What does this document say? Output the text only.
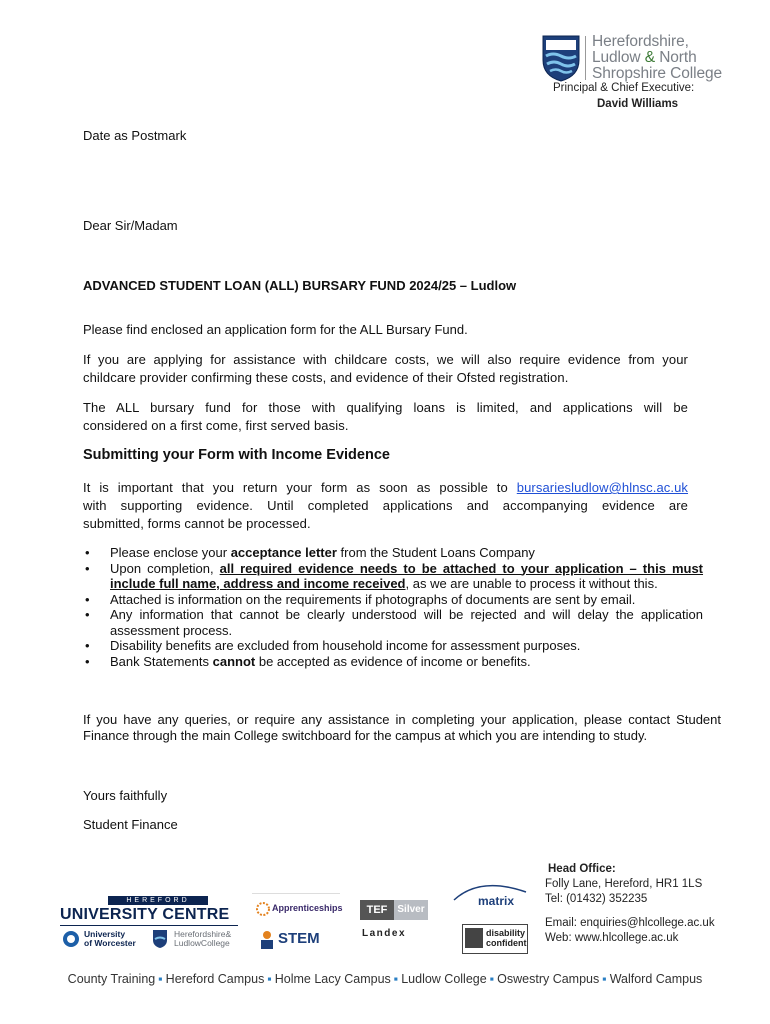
Herefordshire,
Ludlow & North
Shropshire College
Principal & Chief Executive:
David Williams
Date as Postmark
Dear Sir/Madam
ADVANCED STUDENT LOAN (ALL) BURSARY FUND 2024/25 – Ludlow
Please find enclosed an application form for the ALL Bursary Fund.
If you are applying for assistance with childcare costs, we will also require evidence from your
childcare provider confirming these costs, and evidence of their Ofsted registration.
The ALL bursary fund for those with qualifying loans is limited, and applications will be
considered on a first come, first served basis.
Submitting your Form with Income Evidence
It is important that you return your form as soon as possible to bursariesludlow@hlnsc.ac.uk
with supporting evidence. Until completed applications and accompanying evidence are
submitted, forms cannot be processed.
• Please enclose your acceptance letter from the Student Loans Company
• Upon completion, all required evidence needs to be attached to your application – this must include full name, address and income received, as we are unable to process it without this.
• Attached is information on the requirements if photographs of documents are sent by email.
• Any information that cannot be clearly understood will be rejected and will delay the application assessment process.
• Disability benefits are excluded from household income for assessment purposes.
• Bank Statements cannot be accepted as evidence of income or benefits.
If you have any queries, or require any assistance in completing your application, please contact Student Finance through the main College switchboard for the campus at which you are intending to study.
Yours faithfully
Student Finance
Head Office:
Folly Lane, Hereford, HR1 1LS
Tel: (01432) 352235
Email: enquiries@hlcollege.ac.uk
Web: www.hlcollege.ac.uk
HEREFORD
UNIVERSITY CENTRE
University
of Worcester
Herefordshire&
LudlowCollege
Apprenticeships
STEM
TEF Silver
Landex
matrix
disability
confident
County Training ▪ Hereford Campus ▪ Holme Lacy Campus ▪ Ludlow College ▪ Oswestry Campus ▪ Walford Campus
